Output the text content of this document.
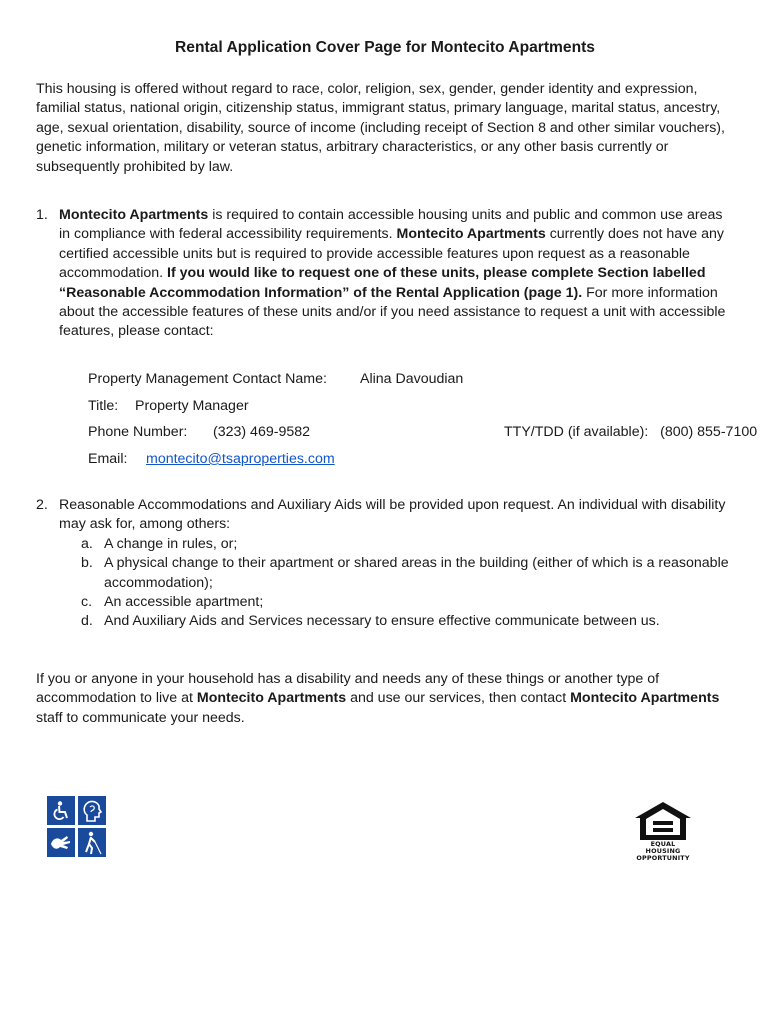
Rental Application Cover Page for Montecito Apartments
This housing is offered without regard to race, color, religion, sex, gender, gender identity and expression, familial status, national origin, citizenship status, immigrant status, primary language, marital status, ancestry, age, sexual orientation, disability, source of income (including receipt of Section 8 and other similar vouchers), genetic information, military or veteran status, arbitrary characteristics, or any other basis currently or subsequently prohibited by law.
1. Montecito Apartments is required to contain accessible housing units and public and common use areas in compliance with federal accessibility requirements. Montecito Apartments currently does not have any certified accessible units but is required to provide accessible features upon request as a reasonable accommodation. If you would like to request one of these units, please complete Section labelled “Reasonable Accommodation Information” of the Rental Application (page 1). For more information about the accessible features of these units and/or if you need assistance to request a unit with accessible features, please contact:
Property Management Contact Name: Alina Davoudian
Title: Property Manager
Phone Number: (323) 469-9582	TTY/TDD (if available): (800) 855-7100
Email: montecito@tsaproperties.com
2. Reasonable Accommodations and Auxiliary Aids will be provided upon request. An individual with disability may ask for, among others:
a. A change in rules, or;
b. A physical change to their apartment or shared areas in the building (either of which is a reasonable accommodation);
c. An accessible apartment;
d. And Auxiliary Aids and Services necessary to ensure effective communicate between us.
If you or anyone in your household has a disability and needs any of these things or another type of accommodation to live at Montecito Apartments and use our services, then contact Montecito Apartments staff to communicate your needs.
EQUAL HOUSING
OPPORTUNITY
